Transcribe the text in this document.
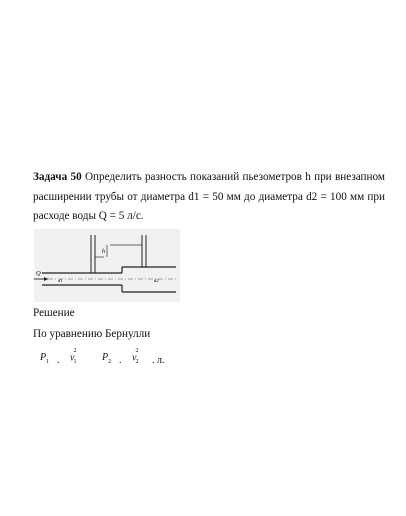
Задача 50 Определить разность показаний пьезометров h при внезапном расширении трубы от диаметра d1 = 50 мм до диаметра d2 = 100 мм при расходе воды Q = 5 л/с.
h
Q
d1	d2
Решение
По уравнению Бернулли
$P_1$ . $v^2_1$	$P_2$ . $v^2_2$	. л.
